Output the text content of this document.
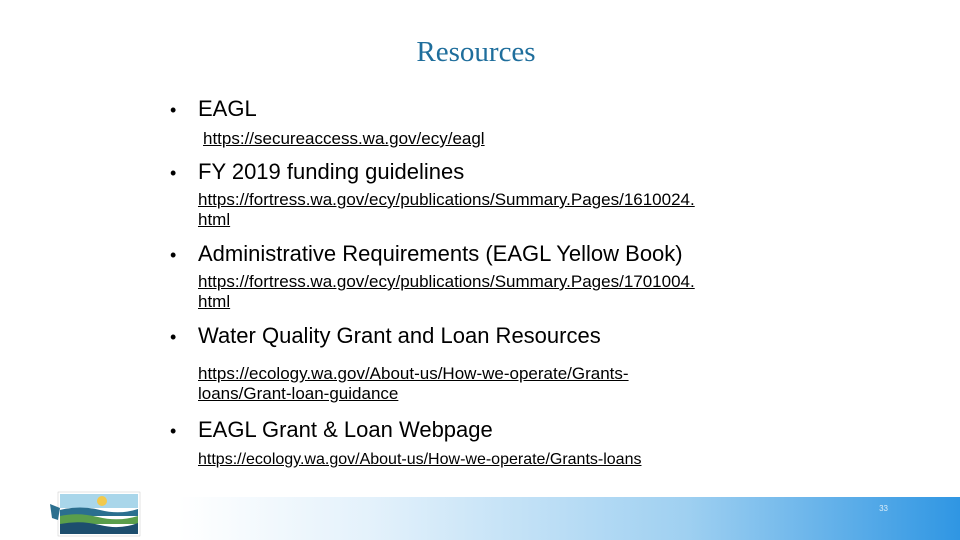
Resources
• EAGL
https://secureaccess.wa.gov/ecy/eagl
• FY 2019 funding guidelines
https://fortress.wa.gov/ecy/publications/Summary.Pages/1610024.
html
• Administrative Requirements (EAGL Yellow Book)
https://fortress.wa.gov/ecy/publications/Summary.Pages/1701004.
html
• Water Quality Grant and Loan Resources
https://ecology.wa.gov/About-us/How-we-operate/Grants-
loans/Grant-loan-guidance
• EAGL Grant & Loan Webpage
https://ecology.wa.gov/About-us/How-we-operate/Grants-loans
33
